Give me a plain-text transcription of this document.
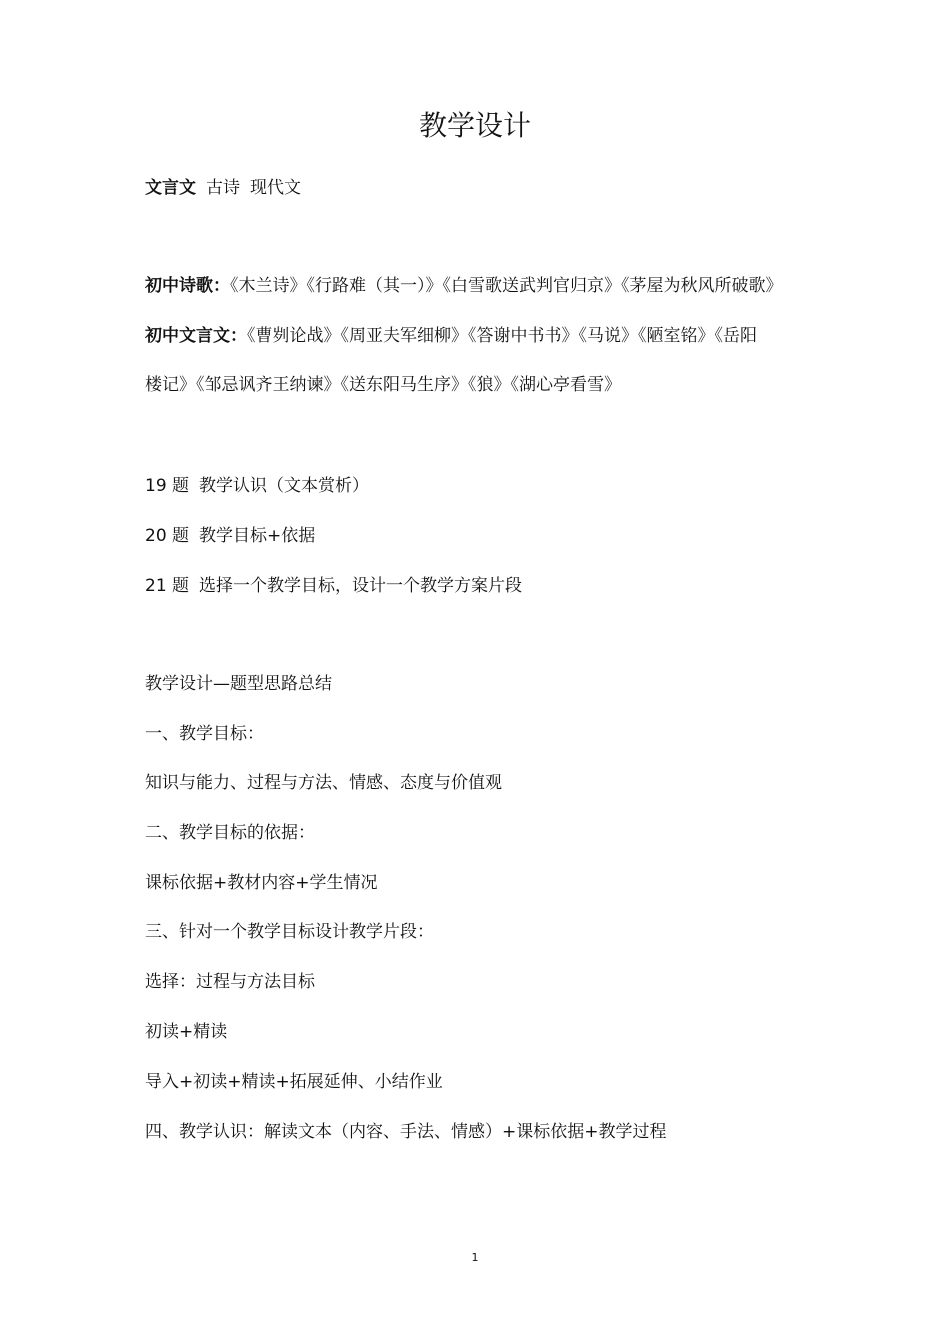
教学设计
文言文 古诗 现代文
初中诗歌：《木兰诗》《行路难（其一）》《白雪歌送武判官归京》《茅屋为秋风所破歌》
初中文言文：《曹刿论战》《周亚夫军细柳》《答谢中书书》《马说》《陋室铭》《岳阳
楼记》《邹忌讽齐王纳谏》《送东阳马生序》《狼》《湖心亭看雪》
19 题 教学认识（文本赏析）
20 题 教学目标+依据
21 题 选择一个教学目标，设计一个教学方案片段
教学设计—题型思路总结
一、教学目标：
知识与能力、过程与方法、情感、态度与价值观
二、教学目标的依据：
课标依据+教材内容+学生情况
三、针对一个教学目标设计教学片段：
选择：过程与方法目标
初读+精读
导入+初读+精读+拓展延伸、小结作业
四、教学认识：解读文本（内容、手法、情感）+课标依据+教学过程
1
